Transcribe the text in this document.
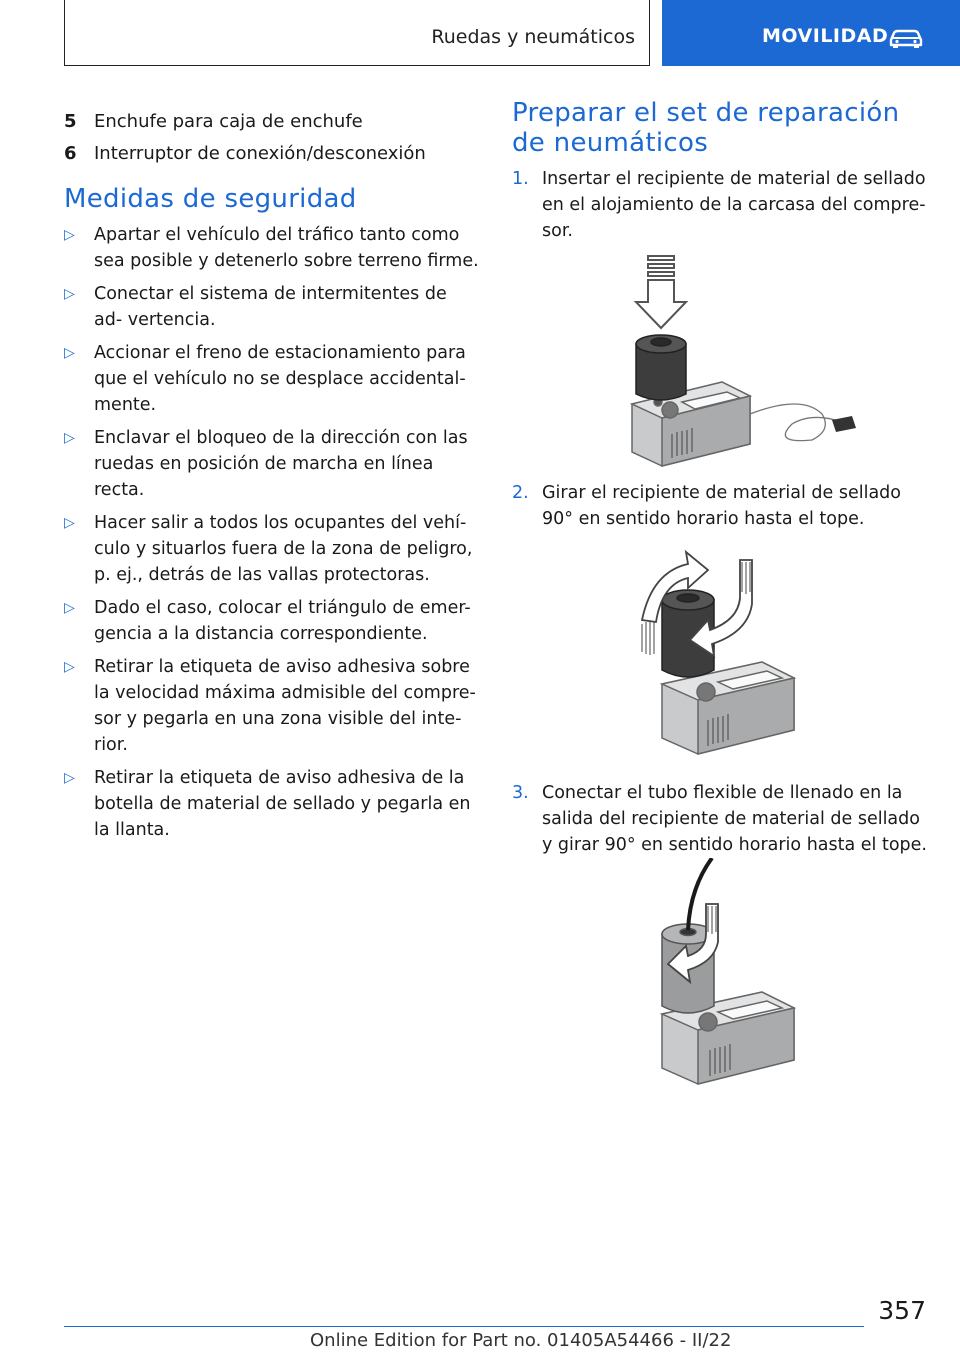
Ruedas y neumáticos	MOVILIDAD
5 Enchufe para caja de enchufe
6 Interruptor de conexión/desconexión
Medidas de seguridad
▷	Apartar el vehículo del tráfico tanto como sea posible y detenerlo sobre terreno firme.
▷	Conectar el sistema de intermitentes de ad- vertencia.
▷	Accionar el freno de estacionamiento para que el vehículo no se desplace accidental- mente.
▷	Enclavar el bloqueo de la dirección con las ruedas en posición de marcha en línea recta.
▷	Hacer salir a todos los ocupantes del vehí- culo y situarlos fuera de la zona de peligro, p. ej., detrás de las vallas protectoras.
▷	Dado el caso, colocar el triángulo de emer- gencia a la distancia correspondiente.
▷	Retirar la etiqueta de aviso adhesiva sobre la velocidad máxima admisible del compre- sor y pegarla en una zona visible del inte- rior.
▷	Retirar la etiqueta de aviso adhesiva de la botella de material de sellado y pegarla en la llanta.
Preparar el set de reparación de neumáticos
1. Insertar el recipiente de material de sellado en el alojamiento de la carcasa del compre- sor.
2. Girar el recipiente de material de sellado 90° en sentido horario hasta el tope.
3. Conectar el tubo flexible de llenado en la salida del recipiente de material de sellado y girar 90° en sentido horario hasta el tope.
357
Online Edition for Part no. 01405A54466 - II/22
